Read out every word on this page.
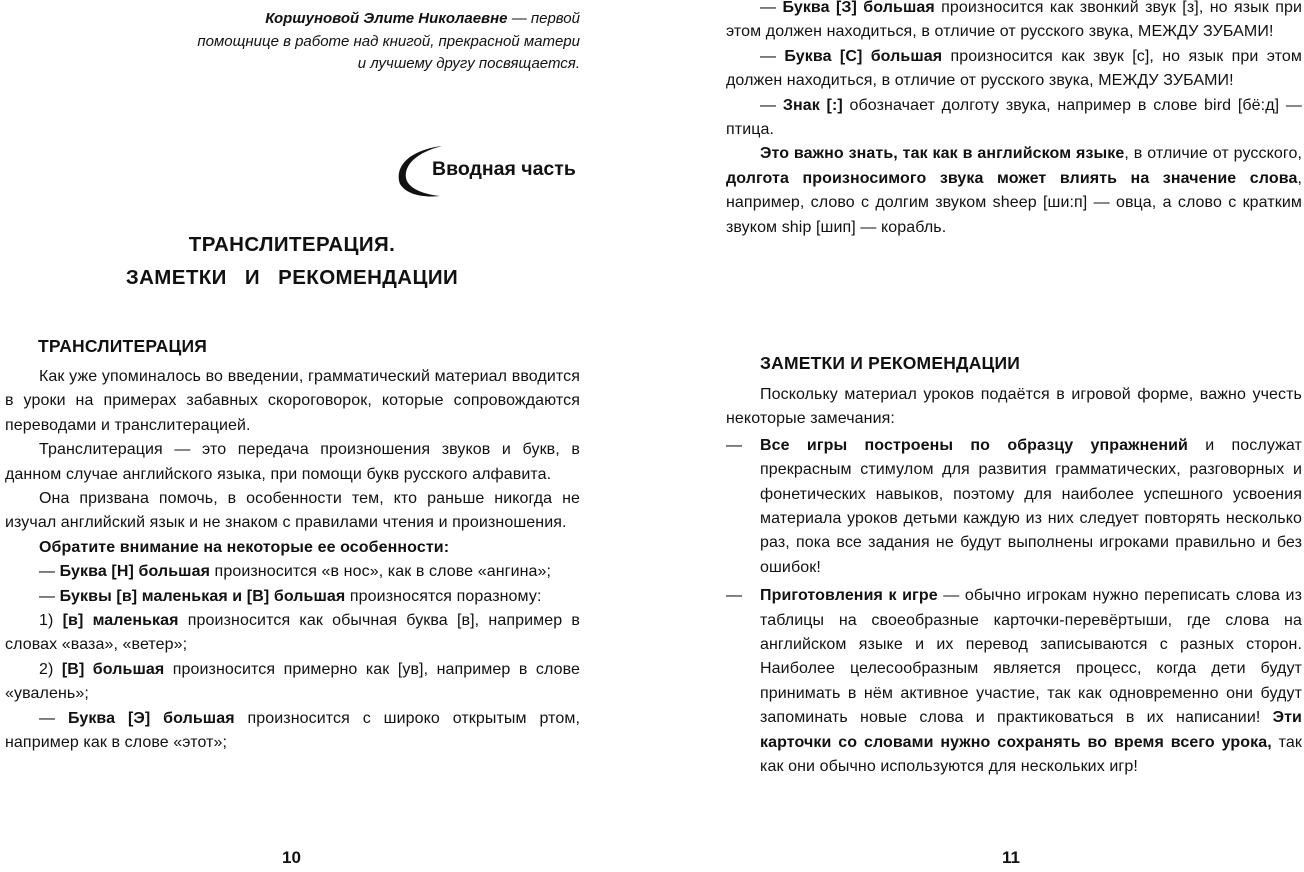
Коршуновой Элите Николаевне — первой помощнице в работе над книгой, прекрасной матери и лучшему другу посвящается.
Вводная часть
ТРАНСЛИТЕРАЦИЯ.
ЗАМЕТКИ И РЕКОМЕНДАЦИИ
ТРАНСЛИТЕРАЦИЯ

Как уже упоминалось во введении, грамматический материал вводится в уроки на примерах забавных скороговорок, которые сопровождаются переводами и транслитерацией.

Транслитерация — это передача произношения звуков и букв, в данном случае английского языка, при помощи букв русского алфавита.

Она призвана помочь, в особенности тем, кто раньше никогда не изучал английский язык и не знаком с правилами чтения и произношения.

Обратите внимание на некоторые ее особенности:

— Буква [Н] большая произносится «в нос», как в слове «ангина»;

— Буквы [в] маленькая и [В] большая произносятся поразному:

1) [в] маленькая произносится как обычная буква [в], например в словах «ваза», «ветер»;

2) [В] большая произносится примерно как [ув], например в слове «увалень»;

— Буква [Э] большая произносится с широко открытым ртом, например как в слове «этот»;

10

— Буква [З] большая произносится как звонкий звук [з], но язык при этом должен находиться, в отличие от русского звука, МЕЖДУ ЗУБАМИ!

— Буква [С] большая произносится как звук [с], но язык при этом должен находиться, в отличие от русского звука, МЕЖДУ ЗУБАМИ!

— Знак [:] обозначает долготу звука, например в слове bird [бё:д] — птица.

Это важно знать, так как в английском языке, в отличие от русского, долгота произносимого звука может влиять на значение слова, например, слово с долгим звуком sheep [ши:п] — овца, а слово с кратким звуком ship [шип] — корабль.

ЗАМЕТКИ И РЕКОМЕНДАЦИИ

Поскольку материал уроков подаётся в игровой форме, важно учесть некоторые замечания:

— Все игры построены по образцу упражнений и послужат прекрасным стимулом для развития грамматических, разговорных и фонетических навыков, поэтому для наиболее успешного усвоения материала уроков детьми каждую из них следует повторять несколько раз, пока все задания не будут выполнены игроками правильно и без ошибок!
— Приготовления к игре — обычно игрокам нужно переписать слова из таблицы на своеобразные карточки-перевёртыши, где слова на английском языке и их перевод записываются с разных сторон. Наиболее целесообразным является процесс, когда дети будут принимать в нём активное участие, так как одновременно они будут запоминать новые слова и практиковаться в их написании! Эти карточки со словами нужно сохранять во время всего урока, так как они обычно используются для нескольких игр!
11
